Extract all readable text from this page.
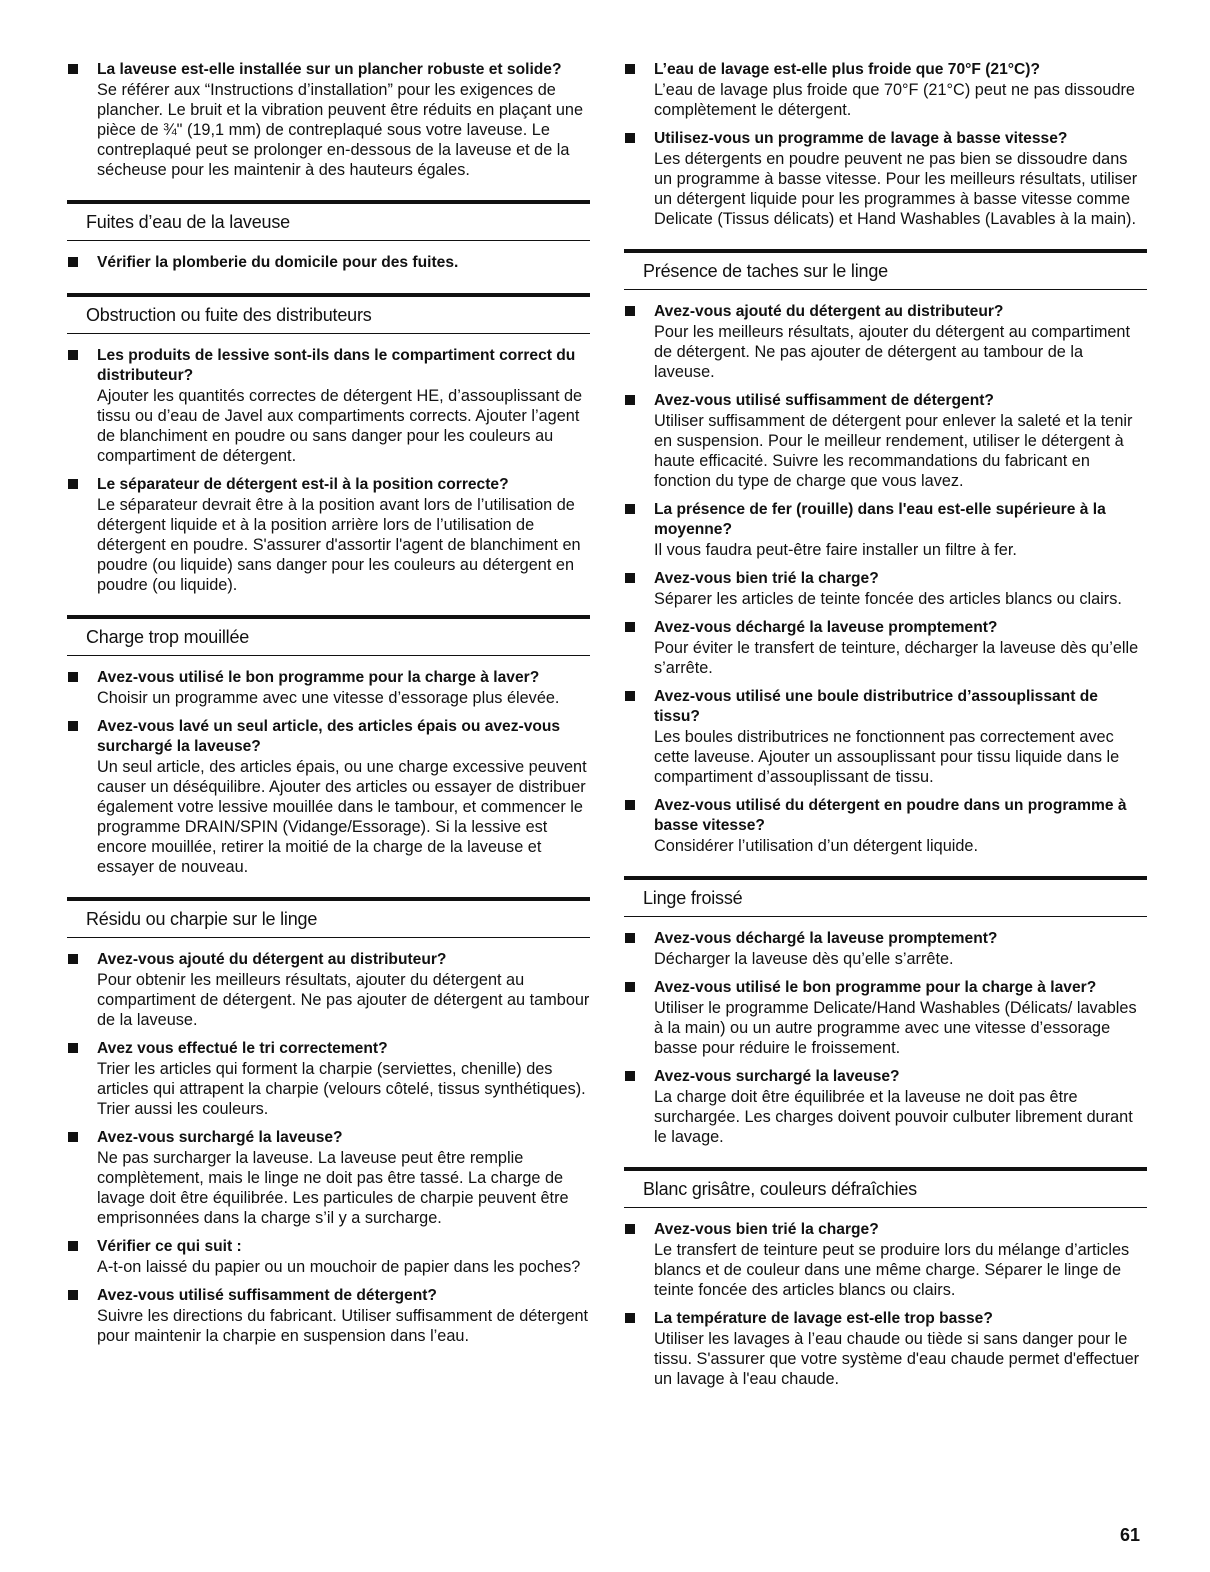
La laveuse est-elle installée sur un plancher robuste et solide?
Se référer aux “Instructions d’installation” pour les exigences de plancher. Le bruit et la vibration peuvent être réduits en plaçant une pièce de ¾" (19,1 mm) de contreplaqué sous votre laveuse. Le contreplaqué peut se prolonger en-dessous de la laveuse et de la sécheuse pour les maintenir à des hauteurs égales.
Fuites d’eau de la laveuse
Vérifier la plomberie du domicile pour des fuites.
Obstruction ou fuite des distributeurs
Les produits de lessive sont-ils dans le compartiment correct du distributeur?
Ajouter les quantités correctes de détergent HE, d’assouplissant de tissu ou d’eau de Javel aux compartiments corrects. Ajouter l’agent de blanchiment en poudre ou sans danger pour les couleurs au compartiment de détergent.
Le séparateur de détergent est-il à la position correcte?
Le séparateur devrait être à la position avant lors de l’utilisation de détergent liquide et à la position arrière lors de l’utilisation de détergent en poudre. S'assurer d'assortir l'agent de blanchiment en poudre (ou liquide) sans danger pour les couleurs au détergent en poudre (ou liquide).
Charge trop mouillée
Avez-vous utilisé le bon programme pour la charge à laver?
Choisir un programme avec une vitesse d’essorage plus élevée.
Avez-vous lavé un seul article, des articles épais ou avez-vous surchargé la laveuse?
Un seul article, des articles épais, ou une charge excessive peuvent causer un déséquilibre. Ajouter des articles ou essayer de distribuer également votre lessive mouillée dans le tambour, et commencer le programme DRAIN/SPIN (Vidange/Essorage). Si la lessive est encore mouillée, retirer la moitié de la charge de la laveuse et essayer de nouveau.
Résidu ou charpie sur le linge
Avez-vous ajouté du détergent au distributeur?
Pour obtenir les meilleurs résultats, ajouter du détergent au compartiment de détergent. Ne pas ajouter de détergent au tambour de la laveuse.
Avez vous effectué le tri correctement?
Trier les articles qui forment la charpie (serviettes, chenille) des articles qui attrapent la charpie (velours côtelé, tissus synthétiques). Trier aussi les couleurs.
Avez-vous surchargé la laveuse?
Ne pas surcharger la laveuse. La laveuse peut être remplie complètement, mais le linge ne doit pas être tassé. La charge de lavage doit être équilibrée. Les particules de charpie peuvent être emprisonnées dans la charge s’il y a surcharge.
Vérifier ce qui suit :
A-t-on laissé du papier ou un mouchoir de papier dans les poches?
Avez-vous utilisé suffisamment de détergent?
Suivre les directions du fabricant. Utiliser suffisamment de détergent pour maintenir la charpie en suspension dans l’eau.
L’eau de lavage est-elle plus froide que 70°F (21°C)?
L’eau de lavage plus froide que 70°F (21°C) peut ne pas dissoudre complètement le détergent.
Utilisez-vous un programme de lavage à basse vitesse?
Les détergents en poudre peuvent ne pas bien se dissoudre dans un programme à basse vitesse. Pour les meilleurs résultats, utiliser un détergent liquide pour les programmes à basse vitesse comme Delicate (Tissus délicats) et Hand Washables (Lavables à la main).
Présence de taches sur le linge
Avez-vous ajouté du détergent au distributeur?
Pour les meilleurs résultats, ajouter du détergent au compartiment de détergent. Ne pas ajouter de détergent au tambour de la laveuse.
Avez-vous utilisé suffisamment de détergent?
Utiliser suffisamment de détergent pour enlever la saleté et la tenir en suspension. Pour le meilleur rendement, utiliser le détergent à haute efficacité. Suivre les recommandations du fabricant en fonction du type de charge que vous lavez.
La présence de fer (rouille) dans l'eau est-elle supérieure à la moyenne?
Il vous faudra peut-être faire installer un filtre à fer.
Avez-vous bien trié la charge?
Séparer les articles de teinte foncée des articles blancs ou clairs.
Avez-vous déchargé la laveuse promptement?
Pour éviter le transfert de teinture, décharger la laveuse dès qu’elle s’arrête.
Avez-vous utilisé une boule distributrice d’assouplissant de tissu?
Les boules distributrices ne fonctionnent pas correctement avec cette laveuse. Ajouter un assouplissant pour tissu liquide dans le compartiment d’assouplissant de tissu.
Avez-vous utilisé du détergent en poudre dans un programme à basse vitesse?
Considérer l’utilisation d’un détergent liquide.
Linge froissé
Avez-vous déchargé la laveuse promptement?
Décharger la laveuse dès qu’elle s’arrête.
Avez-vous utilisé le bon programme pour la charge à laver?
Utiliser le programme Delicate/Hand Washables (Délicats/ lavables à la main) ou un autre programme avec une vitesse d’essorage basse pour réduire le froissement.
Avez-vous surchargé la laveuse?
La charge doit être équilibrée et la laveuse ne doit pas être surchargée. Les charges doivent pouvoir culbuter librement durant le lavage.
Blanc grisâtre, couleurs défraîchies
Avez-vous bien trié la charge?
Le transfert de teinture peut se produire lors du mélange d’articles blancs et de couleur dans une même charge. Séparer le linge de teinte foncée des articles blancs ou clairs.
La température de lavage est-elle trop basse?
Utiliser les lavages à l’eau chaude ou tiède si sans danger pour le tissu. S'assurer que votre système d'eau chaude permet d'effectuer un lavage à l'eau chaude.
61
